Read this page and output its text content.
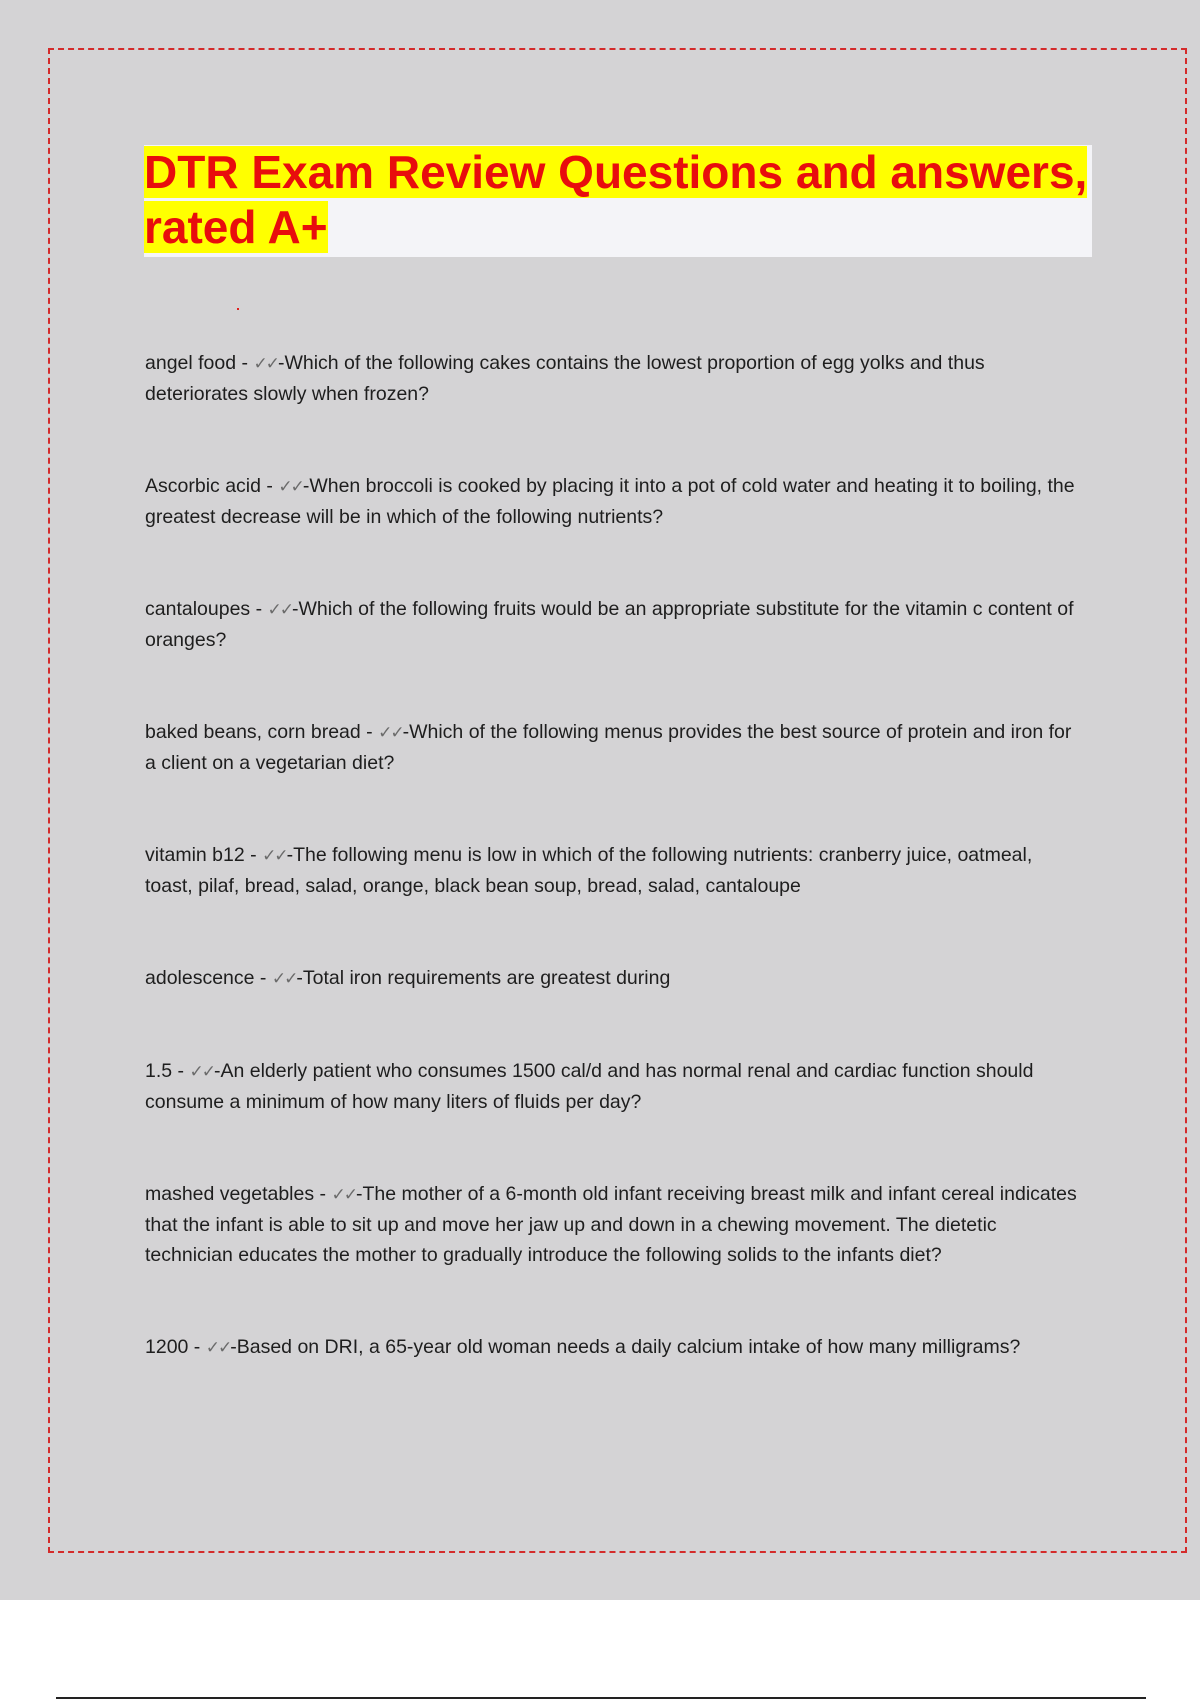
DTR Exam Review Questions and answers, rated A+

angel food - ✓✓-Which of the following cakes contains the lowest proportion of egg yolks and thus deteriorates slowly when frozen?

Ascorbic acid - ✓✓-When broccoli is cooked by placing it into a pot of cold water and heating it to boiling, the greatest decrease will be in which of the following nutrients?

cantaloupes - ✓✓-Which of the following fruits would be an appropriate substitute for the vitamin c content of oranges?

baked beans, corn bread - ✓✓-Which of the following menus provides the best source of protein and iron for a client on a vegetarian diet?

vitamin b12 - ✓✓-The following menu is low in which of the following nutrients: cranberry juice, oatmeal, toast, pilaf, bread, salad, orange, black bean soup, bread, salad, cantaloupe

adolescence - ✓✓-Total iron requirements are greatest during

1.5 - ✓✓-An elderly patient who consumes 1500 cal/d and has normal renal and cardiac function should consume a minimum of how many liters of fluids per day?

mashed vegetables - ✓✓-The mother of a 6-month old infant receiving breast milk and infant cereal indicates that the infant is able to sit up and move her jaw up and down in a chewing movement. The dietetic technician educates the mother to gradually introduce the following solids to the infants diet?

1200 - ✓✓-Based on DRI, a 65-year old woman needs a daily calcium intake of how many milligrams?
